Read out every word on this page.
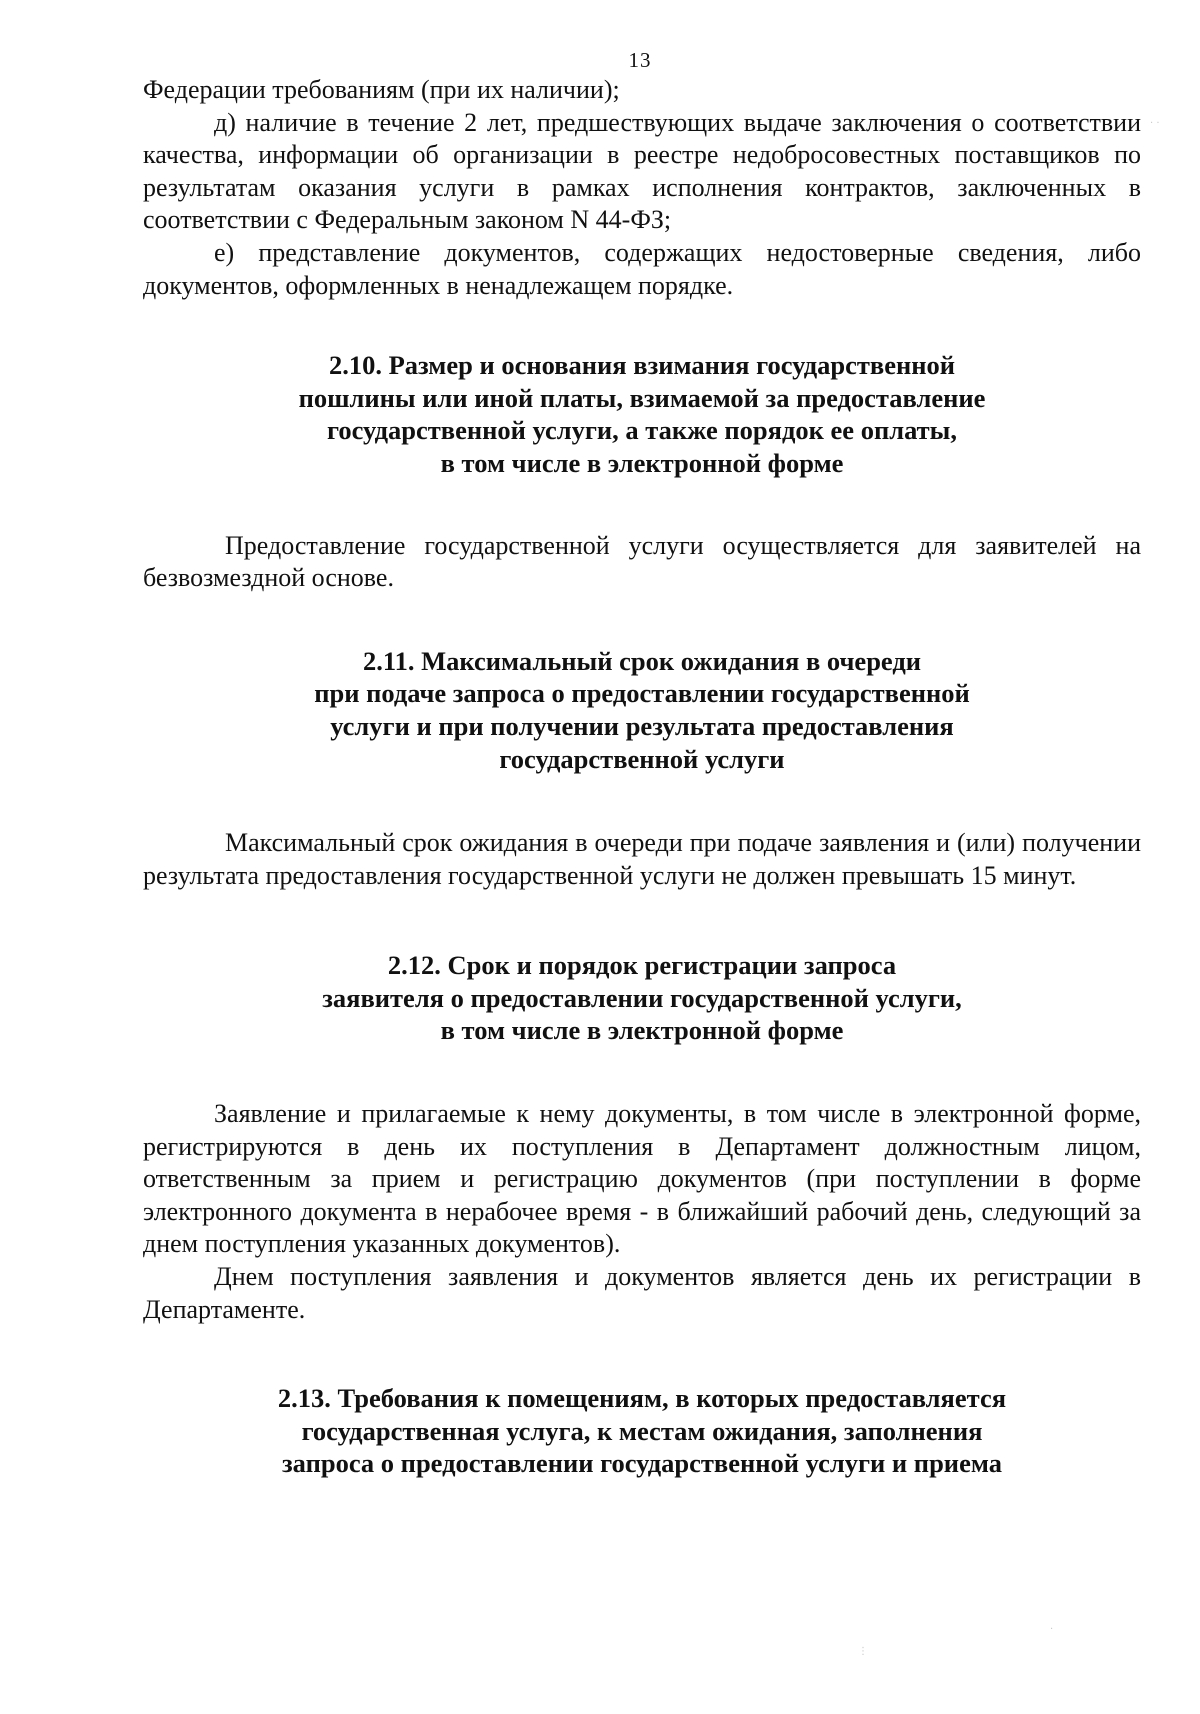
13

Федерации требованиям (при их наличии);

д) наличие в течение 2 лет, предшествующих выдаче заключения о соответствии качества, информации об организации в реестре недобросовестных поставщиков по результатам оказания услуги в рамках исполнения контрактов, заключенных в соответствии с Федеральным законом N 44-ФЗ;

е) представление документов, содержащих недостоверные сведения, либо документов, оформленных в ненадлежащем порядке.

2.10. Размер и основания взимания государственной
пошлины или иной платы, взимаемой за предоставление
государственной услуги, а также порядок ее оплаты,
в том числе в электронной форме

Предоставление государственной услуги осуществляется для заявителей на безвозмездной основе.

2.11. Максимальный срок ожидания в очереди
при подаче запроса о предоставлении государственной
услуги и при получении результата предоставления
государственной услуги

Максимальный срок ожидания в очереди при подаче заявления и (или) получении результата предоставления государственной услуги не должен превышать 15 минут.

2.12. Срок и порядок регистрации запроса
заявителя о предоставлении государственной услуги,
в том числе в электронной форме

Заявление и прилагаемые к нему документы, в том числе в электронной форме, регистрируются в день их поступления в Департамент должностным лицом, ответственным за прием и регистрацию документов (при поступлении в форме электронного документа в нерабочее время - в ближайший рабочий день, следующий за днем поступления указанных документов).

Днем поступления заявления и документов является день их регистрации в Департаменте.

2.13. Требования к помещениям, в которых предоставляется
государственная услуга, к местам ожидания, заполнения
запроса о предоставлении государственной услуги и приема
· ·
⋮
·
